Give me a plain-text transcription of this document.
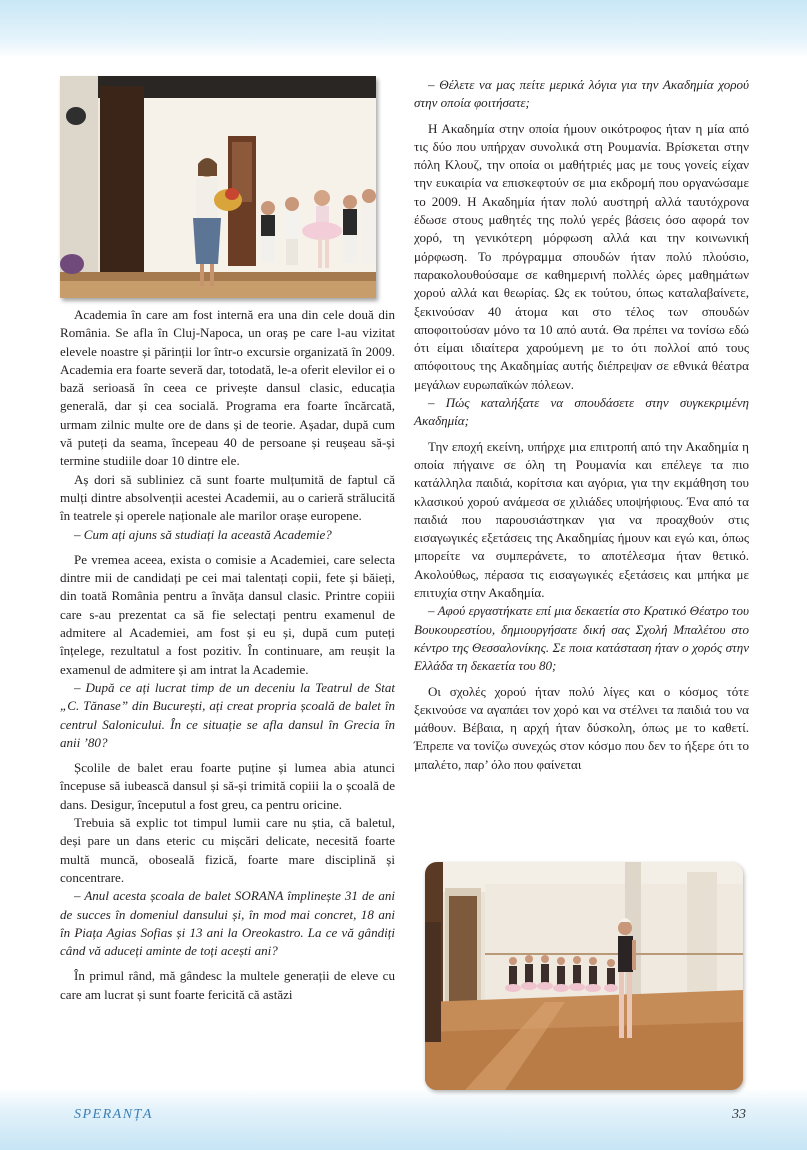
Academia în care am fost internă era una din cele două din România. Se afla în Cluj-Napoca, un oraș pe care l-au vizitat elevele noastre și părinții lor într-o excursie organizată în 2009. Academia era foarte severă dar, totodată, le-a oferit elevilor ei o bază serioasă în ceea ce privește dansul clasic, educația generală, dar și cea socială. Programa era foarte încărcată, urmam zilnic multe ore de dans și de teorie. Așadar, după cum vă puteți da seama, începeau 40 de persoane și reușeau să-și termine studiile doar 10 dintre ele.

Aș dori să subliniez că sunt foarte mulțumită de faptul că mulți dintre absolvenții acestei Academii, au o carieră strălucită în teatrele și operele naționale ale marilor orașe europene.

– Cum ați ajuns să studiați la această Academie?

Pe vremea aceea, exista o comisie a Academiei, care selecta dintre mii de candidați pe cei mai talentați copii, fete și băieți, din toată România pentru a învăța dansul clasic. Printre copiii care s-au prezentat ca să fie selectați pentru examenul de admitere al Academiei, am fost și eu și, după cum puteți înțelege, rezultatul a fost pozitiv. În continuare, am reușit la examenul de admitere și am intrat la Academie.

– După ce ați lucrat timp de un deceniu la Teatrul de Stat „C. Tănase” din București, ați creat propria școală de balet în centrul Salonicului. În ce situație se afla dansul în Grecia în anii ’80?

Școlile de balet erau foarte puține și lumea abia atunci începuse să iubească dansul și să-și trimită copiii la o școală de dans. Desigur, începutul a fost greu, ca pentru oricine.

Trebuia să explic tot timpul lumii care nu știa, că baletul, deși pare un dans eteric cu mișcări delicate, necesită foarte multă muncă, oboseală fizică, foarte mare disciplină și concentrare.

– Anul acesta școala de balet SORANA împlinește 31 de ani de succes în domeniul dansului și, în mod mai concret, 18 ani în Piața Agias Sofias și 13 ani la Oreokastro. La ce vă gândiți când vă aduceți aminte de toți acești ani?

În primul rând, mă gândesc la multele generații de eleve cu care am lucrat și sunt foarte fericită că astăzi

– Θέλετε να μας πείτε μερικά λόγια για την Ακαδημία χορού στην οποία φοιτήσατε;

Η Ακαδημία στην οποία ήμουν οικότροφος ήταν η μία από τις δύο που υπήρχαν συνολικά στη Ρουμανία. Βρίσκεται στην πόλη Κλουζ, την οποία οι μαθήτριές μας με τους γονείς είχαν την ευκαιρία να επισκεφτούν σε μια εκδρομή που οργανώσαμε το 2009. Η Ακαδημία ήταν πολύ αυστηρή αλλά ταυτόχρονα έδωσε στους μαθητές της πολύ γερές βάσεις όσο αφορά τον χορό, τη γενικότερη μόρφωση αλλά και την κοινωνική μόρφωση. Το πρόγραμμα σπουδών ήταν πολύ πλούσιο, παρακολουθούσαμε σε καθημερινή πολλές ώρες μαθημάτων χορού αλλά και θεωρίας. Ως εκ τούτου, όπως καταλαβαίνετε, ξεκινούσαν 40 άτομα και στο τέλος των σπουδών αποφοιτούσαν μόνο τα 10 από αυτά. Θα πρέπει να τονίσω εδώ ότι είμαι ιδιαίτερα χαρούμενη με το ότι πολλοί από τους απόφοιτους της Ακαδημίας αυτής διέπρεψαν σε εθνικά θέατρα μεγάλων ευρωπαϊκών πόλεων.

– Πώς καταλήξατε να σπουδάσετε στην συγκεκριμένη Ακαδημία;

Την εποχή εκείνη, υπήρχε μια επιτροπή από την Ακαδημία η οποία πήγαινε σε όλη τη Ρουμανία και επέλεγε τα πιο κατάλληλα παιδιά, κορίτσια και αγόρια, για την εκμάθηση του κλασικού χορού ανάμεσα σε χιλιάδες υποψήφιους. Ένα από τα παιδιά που παρουσιάστηκαν για να προαχθούν στις εισαγωγικές εξετάσεις της Ακαδημίας ήμουν και εγώ και, όπως μπορείτε να συμπεράνετε, το αποτέλεσμα ήταν θετικό. Ακολούθως, πέρασα τις εισαγωγικές εξετάσεις και μπήκα με επιτυχία στην Ακαδημία.

– Αφού εργαστήκατε επί μια δεκαετία στο Κρατικό Θέατρο του Βουκουρεστίου, δημιουργήσατε δική σας Σχολή Μπαλέτου στο κέντρο της Θεσσαλονίκης. Σε ποια κατάσταση ήταν ο χορός στην Ελλάδα τη δεκαετία του 80;

Οι σχολές χορού ήταν πολύ λίγες και ο κόσμος τότε ξεκινούσε να αγαπάει τον χορό και να στέλνει τα παιδιά του να μάθουν. Βέβαια, η αρχή ήταν δύσκολη, όπως με το καθετί. Έπρεπε να τονίζω συνεχώς στον κόσμο που δεν το ήξερε ότι το μπαλέτο, παρ’ όλο που φαίνεται

SPERANȚA	33
